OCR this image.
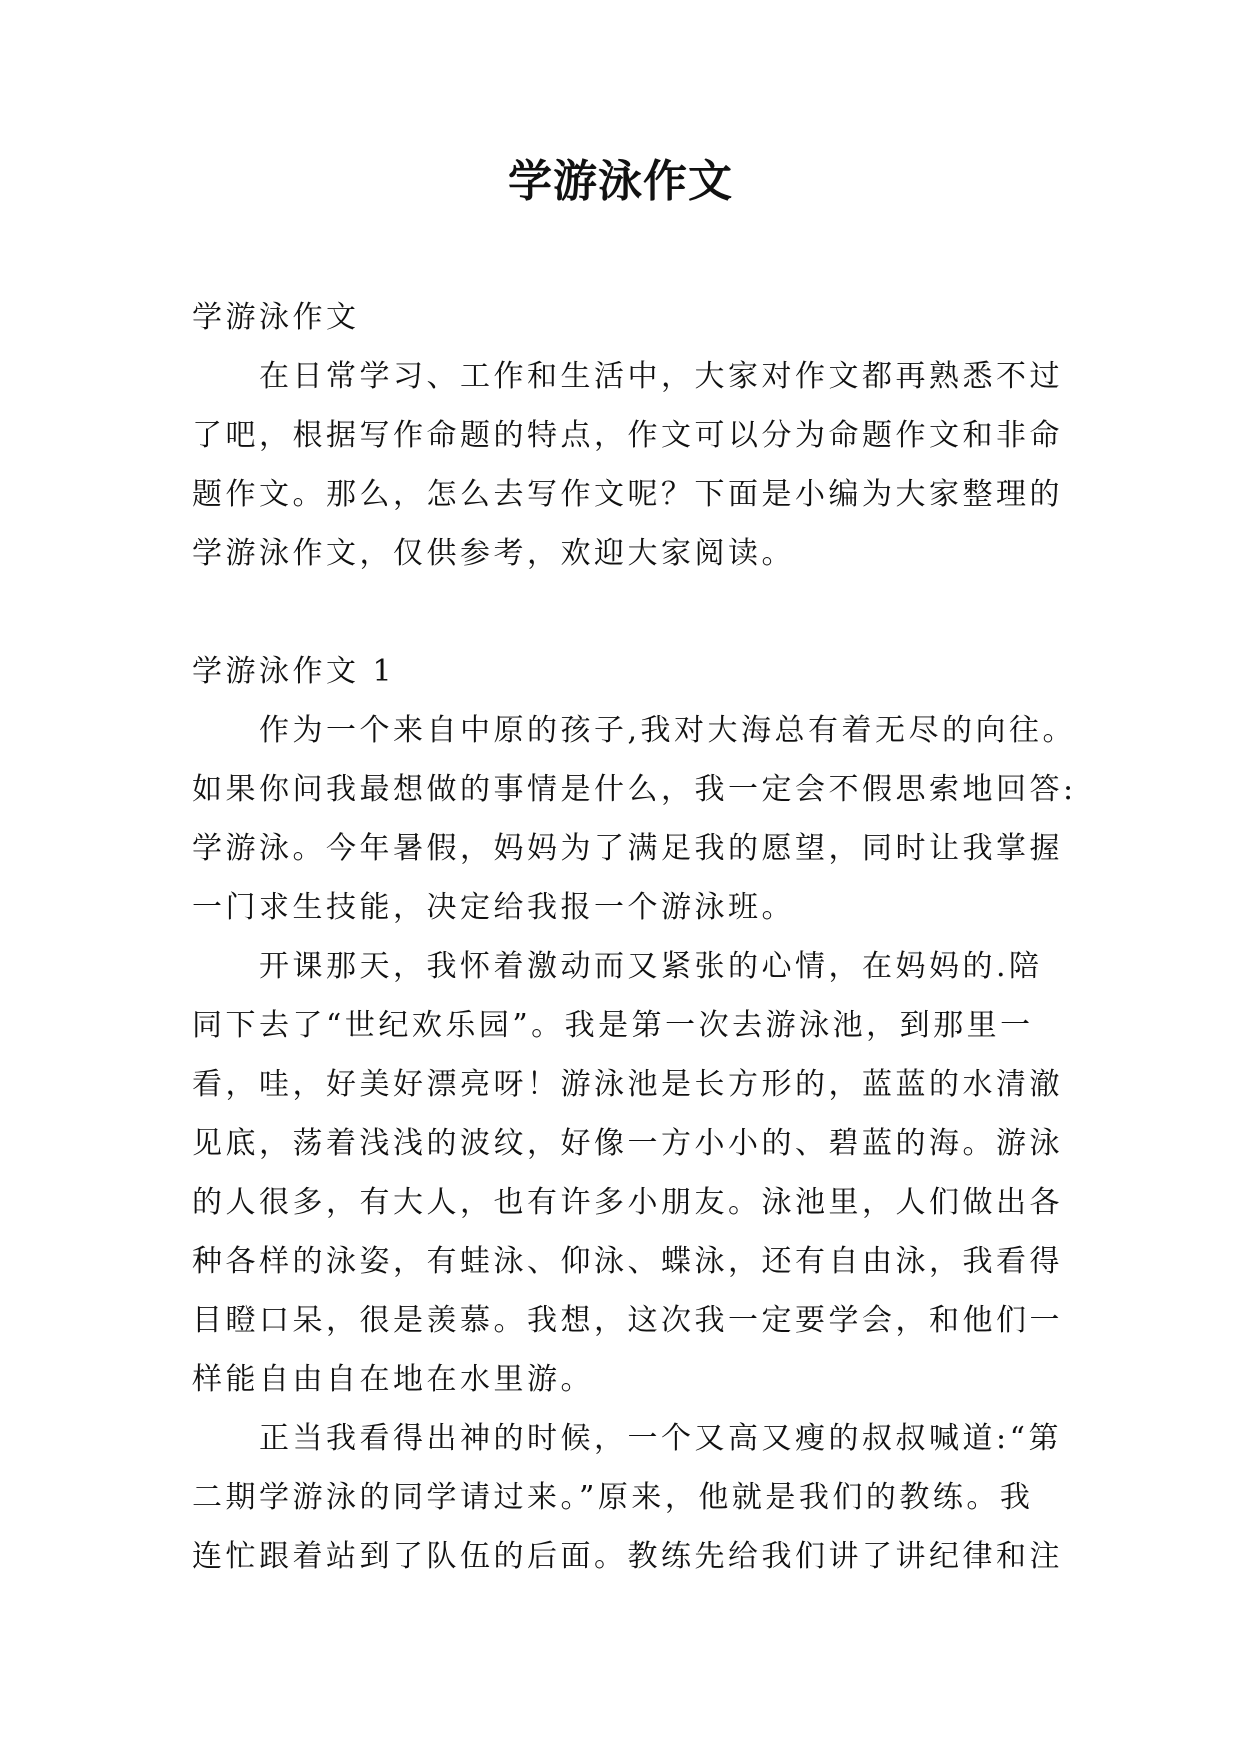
学游泳作文

学游泳作文

在日常学习、工作和生活中，大家对作文都再熟悉不过

了吧，根据写作命题的特点，作文可以分为命题作文和非命

题作文。那么，怎么去写作文呢？下面是小编为大家整理的

学游泳作文，仅供参考，欢迎大家阅读。

学游泳作文 1

作为一个来自中原的孩子,我对大海总有着无尽的向往。

如果你问我最想做的事情是什么，我一定会不假思索地回答:

学游泳。今年暑假，妈妈为了满足我的愿望，同时让我掌握

一门求生技能，决定给我报一个游泳班。

开课那天，我怀着激动而又紧张的心情，在妈妈的.陪

同下去了“世纪欢乐园”。我是第一次去游泳池，到那里一

看，哇，好美好漂亮呀！游泳池是长方形的，蓝蓝的水清澈

见底，荡着浅浅的波纹，好像一方小小的、碧蓝的海。游泳

的人很多，有大人，也有许多小朋友。泳池里，人们做出各

种各样的泳姿，有蛙泳、仰泳、蝶泳，还有自由泳，我看得

目瞪口呆，很是羡慕。我想，这次我一定要学会，和他们一

样能自由自在地在水里游。

正当我看得出神的时候，一个又高又瘦的叔叔喊道:“第

二期学游泳的同学请过来。”原来，他就是我们的教练。我

连忙跟着站到了队伍的后面。教练先给我们讲了讲纪律和注
